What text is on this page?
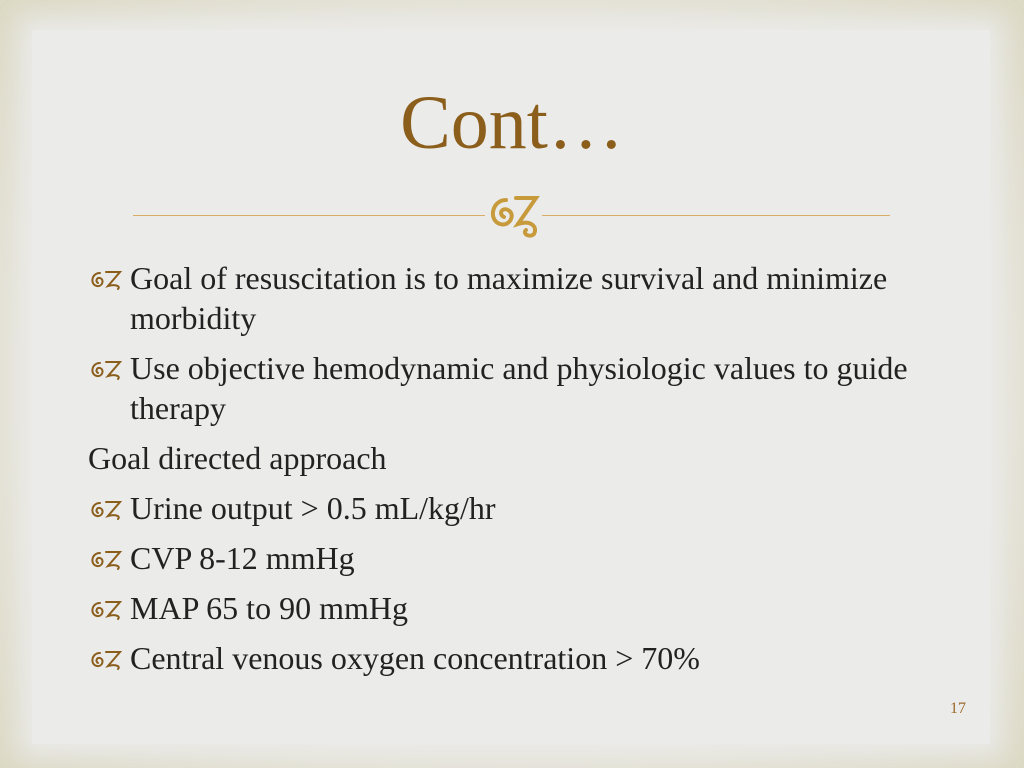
Cont…
Goal of resuscitation is to maximize survival and minimize morbidity
Use objective hemodynamic and physiologic values to guide therapy
Goal directed approach
Urine output > 0.5 mL/kg/hr
CVP 8-12 mmHg
MAP 65 to 90 mmHg
Central venous oxygen concentration > 70%
17
